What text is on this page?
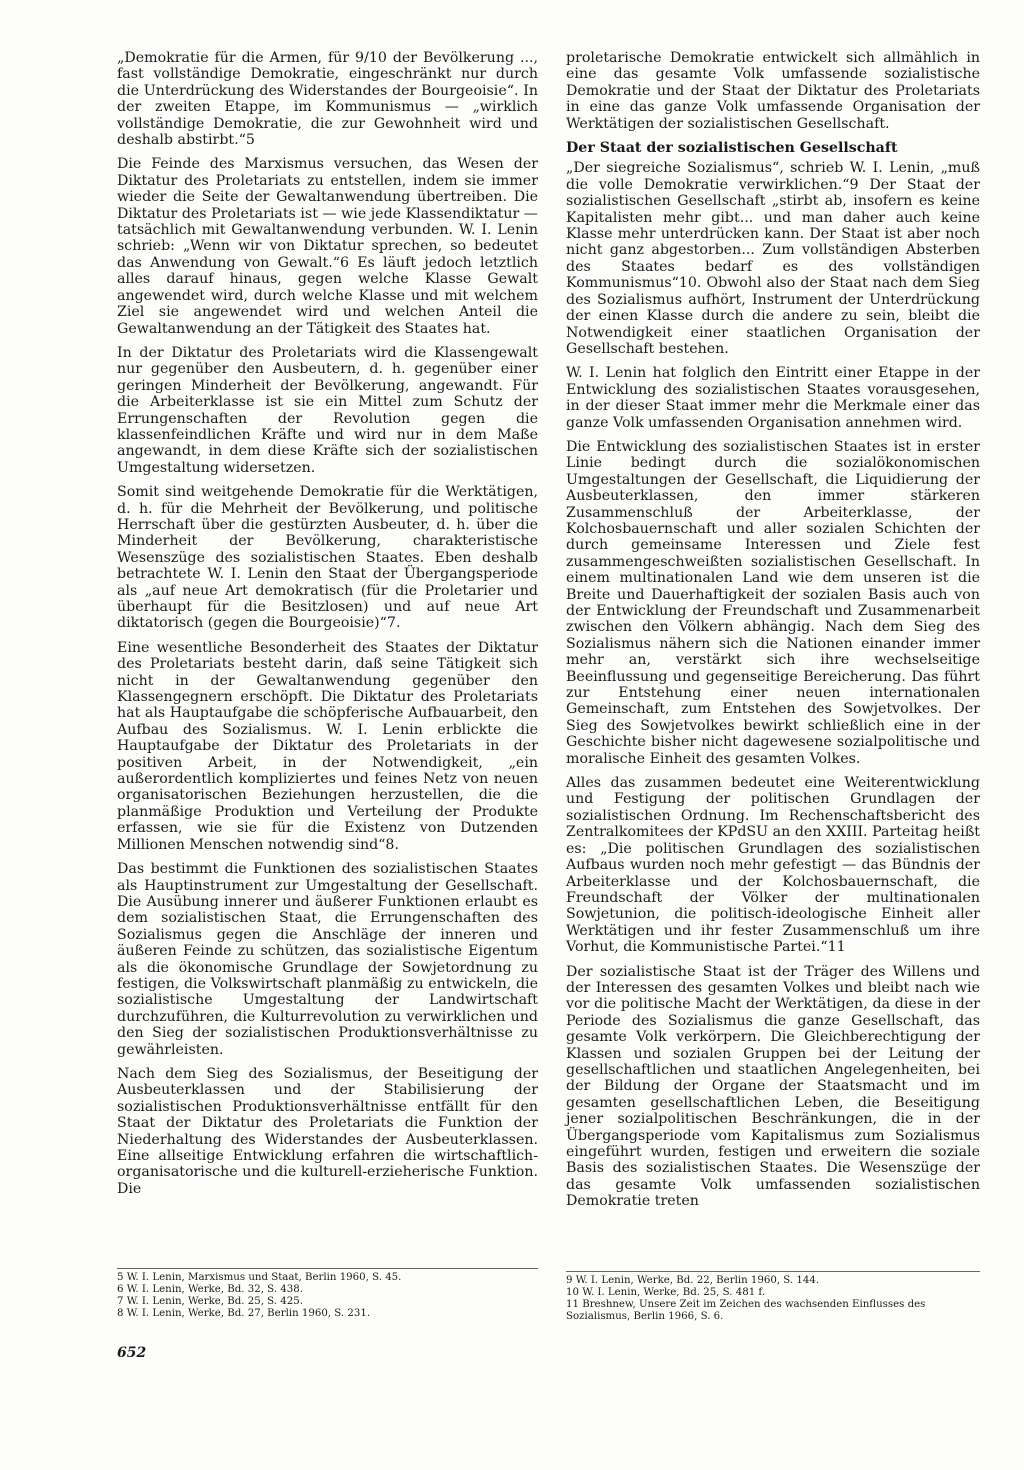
„Demokratie für die Armen, für 9/10 der Bevölkerung ..., fast vollständige Demokratie, eingeschränkt nur durch die Unterdrückung des Widerstandes der Bourgeoisie“. In der zweiten Etappe, im Kommunismus — „wirklich vollständige Demokratie, die zur Gewohnheit wird und deshalb abstirbt.“5

Die Feinde des Marxismus versuchen, das Wesen der Diktatur des Proletariats zu entstellen, indem sie immer wieder die Seite der Gewaltanwendung übertreiben. Die Diktatur des Proletariats ist — wie jede Klassendiktatur — tatsächlich mit Gewaltanwendung verbunden. W. I. Lenin schrieb: „Wenn wir von Diktatur sprechen, so bedeutet das Anwendung von Gewalt.“6 Es läuft jedoch letztlich alles darauf hinaus, gegen welche Klasse Gewalt angewendet wird, durch welche Klasse und mit welchem Ziel sie angewendet wird und welchen Anteil die Gewaltanwendung an der Tätigkeit des Staates hat.

In der Diktatur des Proletariats wird die Klassengewalt nur gegenüber den Ausbeutern, d. h. gegenüber einer geringen Minderheit der Bevölkerung, angewandt. Für die Arbeiterklasse ist sie ein Mittel zum Schutz der Errungenschaften der Revolution gegen die klassenfeindlichen Kräfte und wird nur in dem Maße angewandt, in dem diese Kräfte sich der sozialistischen Umgestaltung widersetzen.

Somit sind weitgehende Demokratie für die Werktätigen, d. h. für die Mehrheit der Bevölkerung, und politische Herrschaft über die gestürzten Ausbeuter, d. h. über die Minderheit der Bevölkerung, charakteristische Wesenszüge des sozialistischen Staates. Eben deshalb betrachtete W. I. Lenin den Staat der Übergangsperiode als „auf neue Art demokratisch (für die Proletarier und überhaupt für die Besitzlosen) und auf neue Art diktatorisch (gegen die Bourgeoisie)“7.

Eine wesentliche Besonderheit des Staates der Diktatur des Proletariats besteht darin, daß seine Tätigkeit sich nicht in der Gewaltanwendung gegenüber den Klassengegnern erschöpft. Die Diktatur des Proletariats hat als Hauptaufgabe die schöpferische Aufbauarbeit, den Aufbau des Sozialismus. W. I. Lenin erblickte die Hauptaufgabe der Diktatur des Proletariats in der positiven Arbeit, in der Notwendigkeit, „ein außerordentlich kompliziertes und feines Netz von neuen organisatorischen Beziehungen herzustellen, die die planmäßige Produktion und Verteilung der Produkte erfassen, wie sie für die Existenz von Dutzenden Millionen Menschen notwendig sind“8.

Das bestimmt die Funktionen des sozialistischen Staates als Hauptinstrument zur Umgestaltung der Gesellschaft. Die Ausübung innerer und äußerer Funktionen erlaubt es dem sozialistischen Staat, die Errungenschaften des Sozialismus gegen die Anschläge der inneren und äußeren Feinde zu schützen, das sozialistische Eigentum als die ökonomische Grundlage der Sowjetordnung zu festigen, die Volkswirtschaft planmäßig zu entwickeln, die sozialistische Umgestaltung der Landwirtschaft durchzuführen, die Kulturrevolution zu verwirklichen und den Sieg der sozialistischen Produktionsverhältnisse zu gewährleisten.

Nach dem Sieg des Sozialismus, der Beseitigung der Ausbeuterklassen und der Stabilisierung der sozialistischen Produktionsverhältnisse entfällt für den Staat der Diktatur des Proletariats die Funktion der Niederhaltung des Widerstandes der Ausbeuterklassen. Eine allseitige Entwicklung erfahren die wirtschaftlich-organisatorische und die kulturell-erzieherische Funktion. Die

proletarische Demokratie entwickelt sich allmählich in eine das gesamte Volk umfassende sozialistische Demokratie und der Staat der Diktatur des Proletariats in eine das ganze Volk umfassende Organisation der Werktätigen der sozialistischen Gesellschaft.

Der Staat der sozialistischen Gesellschaft

„Der siegreiche Sozialismus“, schrieb W. I. Lenin, „muß die volle Demokratie verwirklichen.“9 Der Staat der sozialistischen Gesellschaft „stirbt ab, insofern es keine Kapitalisten mehr gibt... und man daher auch keine Klasse mehr unterdrücken kann. Der Staat ist aber noch nicht ganz abgestorben... Zum vollständigen Absterben des Staates bedarf es des vollständigen Kommunismus“10. Obwohl also der Staat nach dem Sieg des Sozialismus aufhört, Instrument der Unterdrückung der einen Klasse durch die andere zu sein, bleibt die Notwendigkeit einer staatlichen Organisation der Gesellschaft bestehen.

W. I. Lenin hat folglich den Eintritt einer Etappe in der Entwicklung des sozialistischen Staates vorausgesehen, in der dieser Staat immer mehr die Merkmale einer das ganze Volk umfassenden Organisation annehmen wird.

Die Entwicklung des sozialistischen Staates ist in erster Linie bedingt durch die sozialökonomischen Umgestaltungen der Gesellschaft, die Liquidierung der Ausbeuterklassen, den immer stärkeren Zusammenschluß der Arbeiterklasse, der Kolchosbauernschaft und aller sozialen Schichten der durch gemeinsame Interessen und Ziele fest zusammengeschweißten sozialistischen Gesellschaft. In einem multinationalen Land wie dem unseren ist die Breite und Dauerhaftigkeit der sozialen Basis auch von der Entwicklung der Freundschaft und Zusammenarbeit zwischen den Völkern abhängig. Nach dem Sieg des Sozialismus nähern sich die Nationen einander immer mehr an, verstärkt sich ihre wechselseitige Beeinflussung und gegenseitige Bereicherung. Das führt zur Entstehung einer neuen internationalen Gemeinschaft, zum Entstehen des Sowjetvolkes. Der Sieg des Sowjetvolkes bewirkt schließlich eine in der Geschichte bisher nicht dagewesene sozialpolitische und moralische Einheit des gesamten Volkes.

Alles das zusammen bedeutet eine Weiterentwicklung und Festigung der politischen Grundlagen der sozialistischen Ordnung. Im Rechenschaftsbericht des Zentralkomitees der KPdSU an den XXIII. Parteitag heißt es: „Die politischen Grundlagen des sozialistischen Aufbaus wurden noch mehr gefestigt — das Bündnis der Arbeiterklasse und der Kolchosbauernschaft, die Freundschaft der Völker der multinationalen Sowjetunion, die politisch-ideologische Einheit aller Werktätigen und ihr fester Zusammenschluß um ihre Vorhut, die Kommunistische Partei.“11

Der sozialistische Staat ist der Träger des Willens und der Interessen des gesamten Volkes und bleibt nach wie vor die politische Macht der Werktätigen, da diese in der Periode des Sozialismus die ganze Gesellschaft, das gesamte Volk verkörpern. Die Gleichberechtigung der Klassen und sozialen Gruppen bei der Leitung der gesellschaftlichen und staatlichen Angelegenheiten, bei der Bildung der Organe der Staatsmacht und im gesamten gesellschaftlichen Leben, die Beseitigung jener sozialpolitischen Beschränkungen, die in der Übergangsperiode vom Kapitalismus zum Sozialismus eingeführt wurden, festigen und erweitern die soziale Basis des sozialistischen Staates. Die Wesenszüge der das gesamte Volk umfassenden sozialistischen Demokratie treten

5 W. I. Lenin, Marxismus und Staat, Berlin 1960, S. 45.

6 W. I. Lenin, Werke, Bd. 32, S. 438.

7 W. I. Lenin, Werke, Bd. 25, S. 425.

8 W. I. Lenin, Werke, Bd. 27, Berlin 1960, S. 231.

9 W. I. Lenin, Werke, Bd. 22, Berlin 1960, S. 144.

10 W. I. Lenin, Werke, Bd. 25, S. 481 f.

11 Breshnew, Unsere Zeit im Zeichen des wachsenden Einflusses des Sozialismus, Berlin 1966, S. 6.

652
